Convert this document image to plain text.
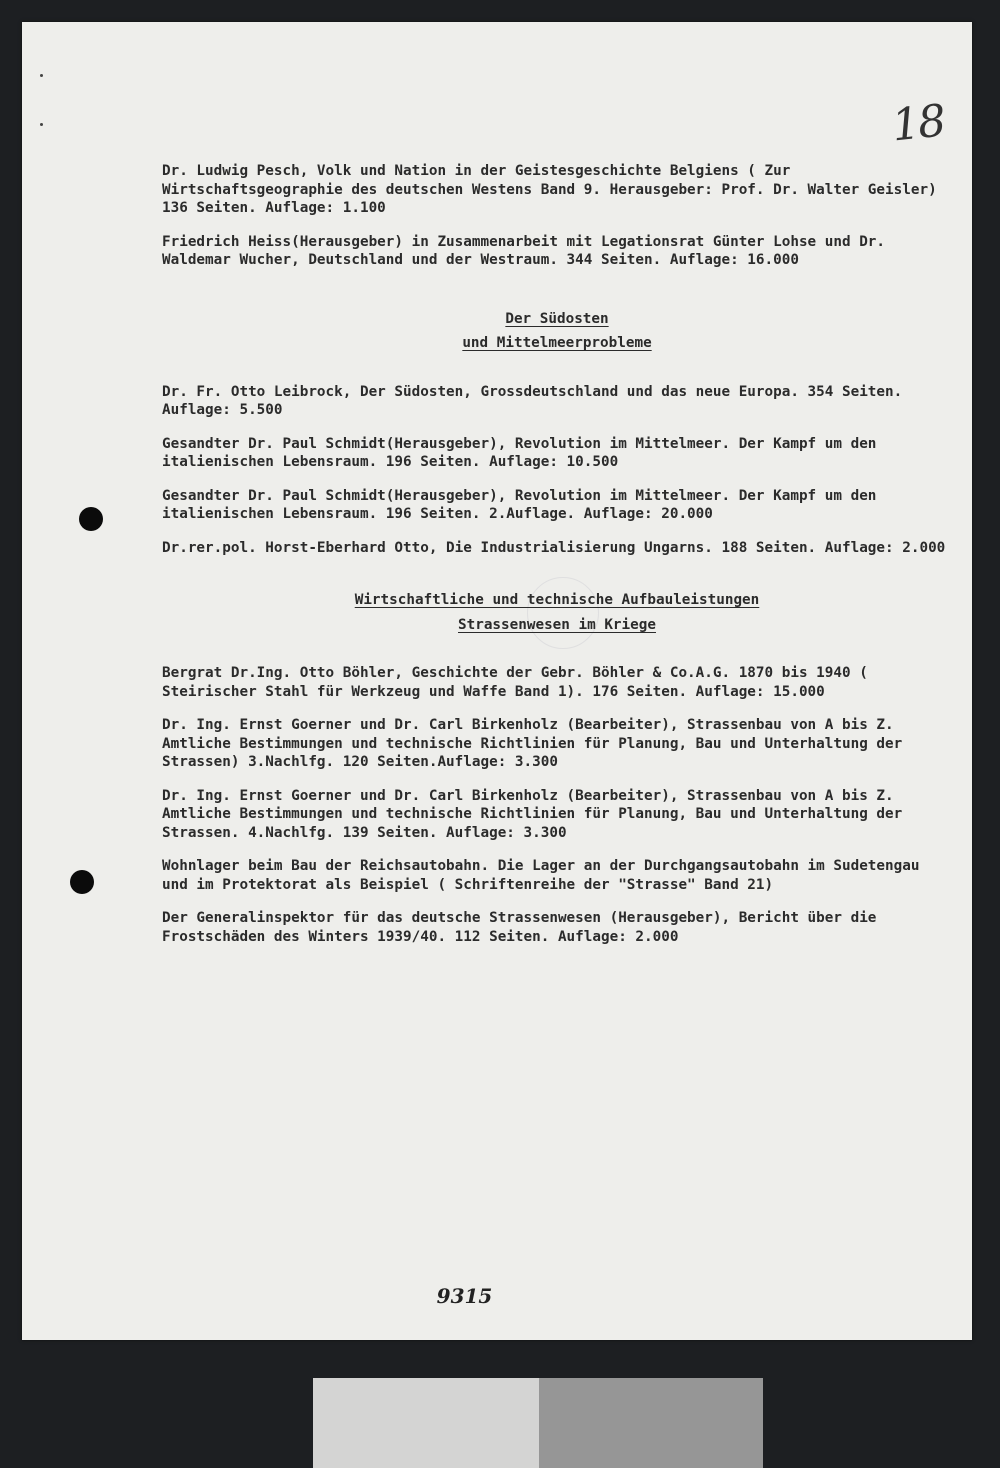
18

Dr. Ludwig Pesch, Volk und Nation in der Geistesgeschichte Belgiens ( Zur Wirtschaftsgeographie des deutschen Westens Band 9. Herausgeber: Prof. Dr. Walter Geisler) 136 Seiten. Auflage: 1.100

Friedrich Heiss(Herausgeber) in Zusammenarbeit mit Legationsrat Günter Lohse und Dr. Waldemar Wucher, Deutschland und der Westraum. 344 Seiten. Auflage: 16.000

Der Südosten
und Mittelmeerprobleme

Dr. Fr. Otto Leibrock, Der Südosten, Grossdeutschland und das neue Europa. 354 Seiten. Auflage: 5.500

Gesandter Dr. Paul Schmidt(Herausgeber), Revolution im Mittelmeer. Der Kampf um den italienischen Lebensraum. 196 Seiten. Auflage: 10.500

Gesandter Dr. Paul Schmidt(Herausgeber), Revolution im Mittelmeer. Der Kampf um den italienischen Lebensraum. 196 Seiten. 2.Auflage. Auflage: 20.000

Dr.rer.pol. Horst-Eberhard Otto, Die Industrialisierung Ungarns. 188 Seiten. Auflage: 2.000

Wirtschaftliche und technische Aufbauleistungen
Strassenwesen im Kriege

Bergrat Dr.Ing. Otto Böhler, Geschichte der Gebr. Böhler & Co.A.G. 1870 bis 1940 ( Steirischer Stahl für Werkzeug und Waffe Band 1). 176 Seiten. Auflage: 15.000

Dr. Ing. Ernst Goerner und Dr. Carl Birkenholz (Bearbeiter), Strassenbau von A bis Z. Amtliche Bestimmungen und technische Richtlinien für Planung, Bau und Unterhaltung der Strassen) 3.Nachlfg. 120 Seiten.Auflage: 3.300

Dr. Ing. Ernst Goerner und Dr. Carl Birkenholz (Bearbeiter), Strassenbau von A bis Z. Amtliche Bestimmungen und technische Richtlinien für Planung, Bau und Unterhaltung der Strassen. 4.Nachlfg. 139 Seiten. Auflage: 3.300

Wohnlager beim Bau der Reichsautobahn. Die Lager an der Durchgangsautobahn im Sudetengau und im Protektorat als Beispiel ( Schriftenreihe der "Strasse" Band 21)

Der Generalinspektor für das deutsche Strassenwesen (Herausgeber), Bericht über die Frostschäden des Winters 1939/40. 112 Seiten. Auflage: 2.000

9315
